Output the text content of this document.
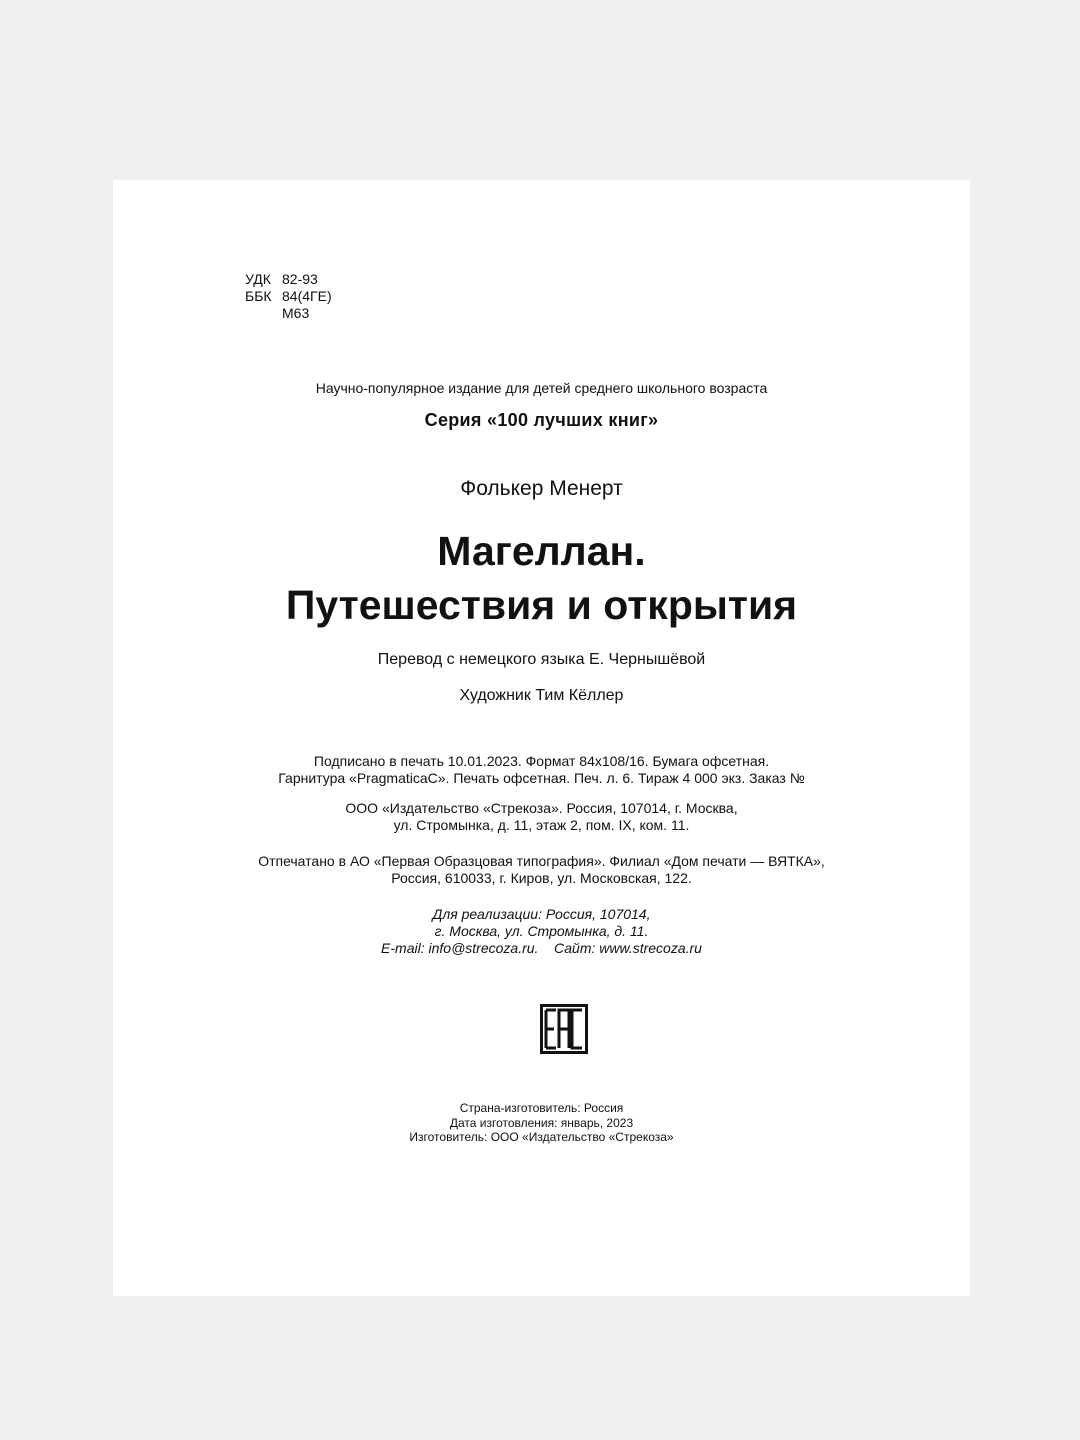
УДК 82-93
ББК 84(4ГЕ)
М63
Научно-популярное издание для детей среднего школьного возраста
Серия «100 лучших книг»
Фолькер Менерт
Магеллан.
Путешествия и открытия
Перевод с немецкого языка Е. Чернышёвой
Художник Тим Кёллер
Подписано в печать 10.01.2023. Формат 84x108/16. Бумага офсетная.
Гарнитура «PragmaticaC». Печать офсетная. Печ. л. 6. Тираж 4 000 экз. Заказ №
ООО «Издательство «Стрекоза». Россия, 107014, г. Москва,
ул. Стромынка, д. 11, этаж 2, пом. IX, ком. 11.
Отпечатано в АО «Первая Образцовая типография». Филиал «Дом печати — ВЯТКА»,
Россия, 610033, г. Киров, ул. Московская, 122.
Для реализации: Россия, 107014,
г. Москва, ул. Стромынка, д. 11.
E-mail: info@strecoza.ru.    Сайт: www.strecoza.ru
Страна-изготовитель: Россия
Дата изготовления: январь, 2023
Изготовитель: ООО «Издательство «Стрекоза»
